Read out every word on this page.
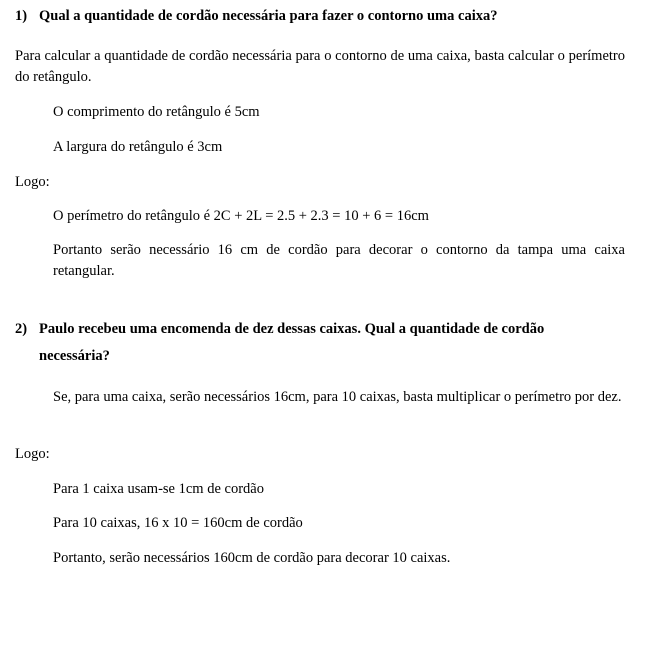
1) Qual a quantidade de cordão necessária para fazer o contorno uma caixa?

Para calcular a quantidade de cordão necessária para o contorno de uma caixa, basta calcular o perímetro do retângulo.

O comprimento do retângulo é 5cm

A largura do retângulo é 3cm

Logo:

O perímetro do retângulo é 2C + 2L = 2.5 + 2.3 = 10 + 6 = 16cm

Portanto serão necessário 16 cm de cordão para decorar o contorno da tampa uma caixa retangular.

2) Paulo recebeu uma encomenda de dez dessas caixas. Qual a quantidade de cordão

necessária?

Se, para uma caixa, serão necessários 16cm, para 10 caixas, basta multiplicar o perímetro por dez.

Logo:

Para 1 caixa usam-se 1cm de cordão

Para 10 caixas, 16 x 10 = 160cm de cordão

Portanto, serão necessários 160cm de cordão para decorar 10 caixas.
